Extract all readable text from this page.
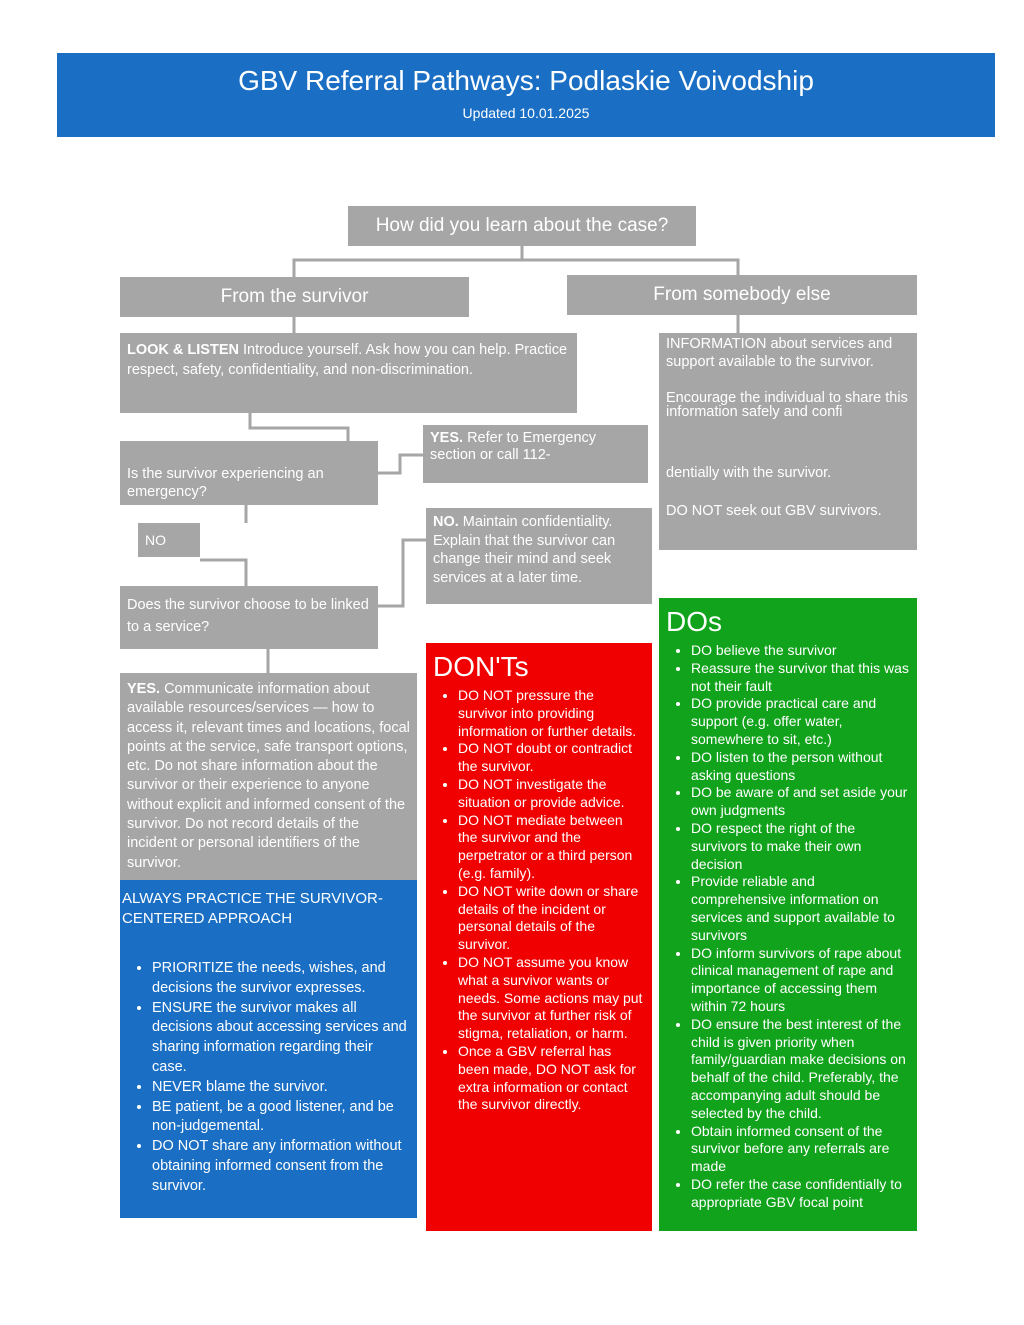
GBV Referral Pathways: Podlaskie Voivodship
Updated 10.01.2025
How did you learn about the case?
From the survivor	From somebody else
LOOK & LISTEN Introduce yourself. Ask how you can help. Practice respect, safety, confidentiality, and non-discrimination.
Is the survivor experiencing an emergency?
YES. Refer to Emergency section or call 112-
NO
NO. Maintain confidentiality. Explain that the survivor can change their mind and seek services at a later time.
Does the survivor choose to be linked to a service?
YES. Communicate information about available resources/services — how to access it, relevant times and locations, focal points at the service, safe transport options, etc. Do not share information about the survivor or their experience to anyone without explicit and informed consent of the survivor. Do not record details of the incident or personal identifiers of the survivor.
INFORMATION about services and support available to the survivor.
Encourage the individual to share this information safely and confi
dentially with the survivor.
DO NOT seek out GBV survivors.
ALWAYS PRACTICE THE SURVIVOR-CENTERED APPROACH
• PRIORITIZE the needs, wishes, and decisions the survivor expresses.
• ENSURE the survivor makes all decisions about accessing services and sharing information regarding their case.
• NEVER blame the survivor.
• BE patient, be a good listener, and be non-judgemental.
• DO NOT share any information without obtaining informed consent from the survivor.
DON'Ts
• DO NOT pressure the survivor into providing information or further details.
• DO NOT doubt or contradict the survivor.
• DO NOT investigate the situation or provide advice.
• DO NOT mediate between the survivor and the perpetrator or a third person (e.g. family).
• DO NOT write down or share details of the incident or personal details of the survivor.
• DO NOT assume you know what a survivor wants or needs. Some actions may put the survivor at further risk of stigma, retaliation, or harm.
• Once a GBV referral has been made, DO NOT ask for extra information or contact the survivor directly.
DOs
• DO believe the survivor
• Reassure the survivor that this was not their fault
• DO provide practical care and support (e.g. offer water, somewhere to sit, etc.)
• DO listen to the person without asking questions
• DO be aware of and set aside your own judgments
• DO respect the right of the survivors to make their own decision
• Provide reliable and comprehensive information on services and support available to survivors
• DO inform survivors of rape about clinical management of rape and importance of accessing them within 72 hours
• DO ensure the best interest of the child is given priority when family/guardian make decisions on behalf of the child. Preferably, the accompanying adult should be selected by the child.
• Obtain informed consent of the survivor before any referrals are made
• DO refer the case confidentially to appropriate GBV focal point
